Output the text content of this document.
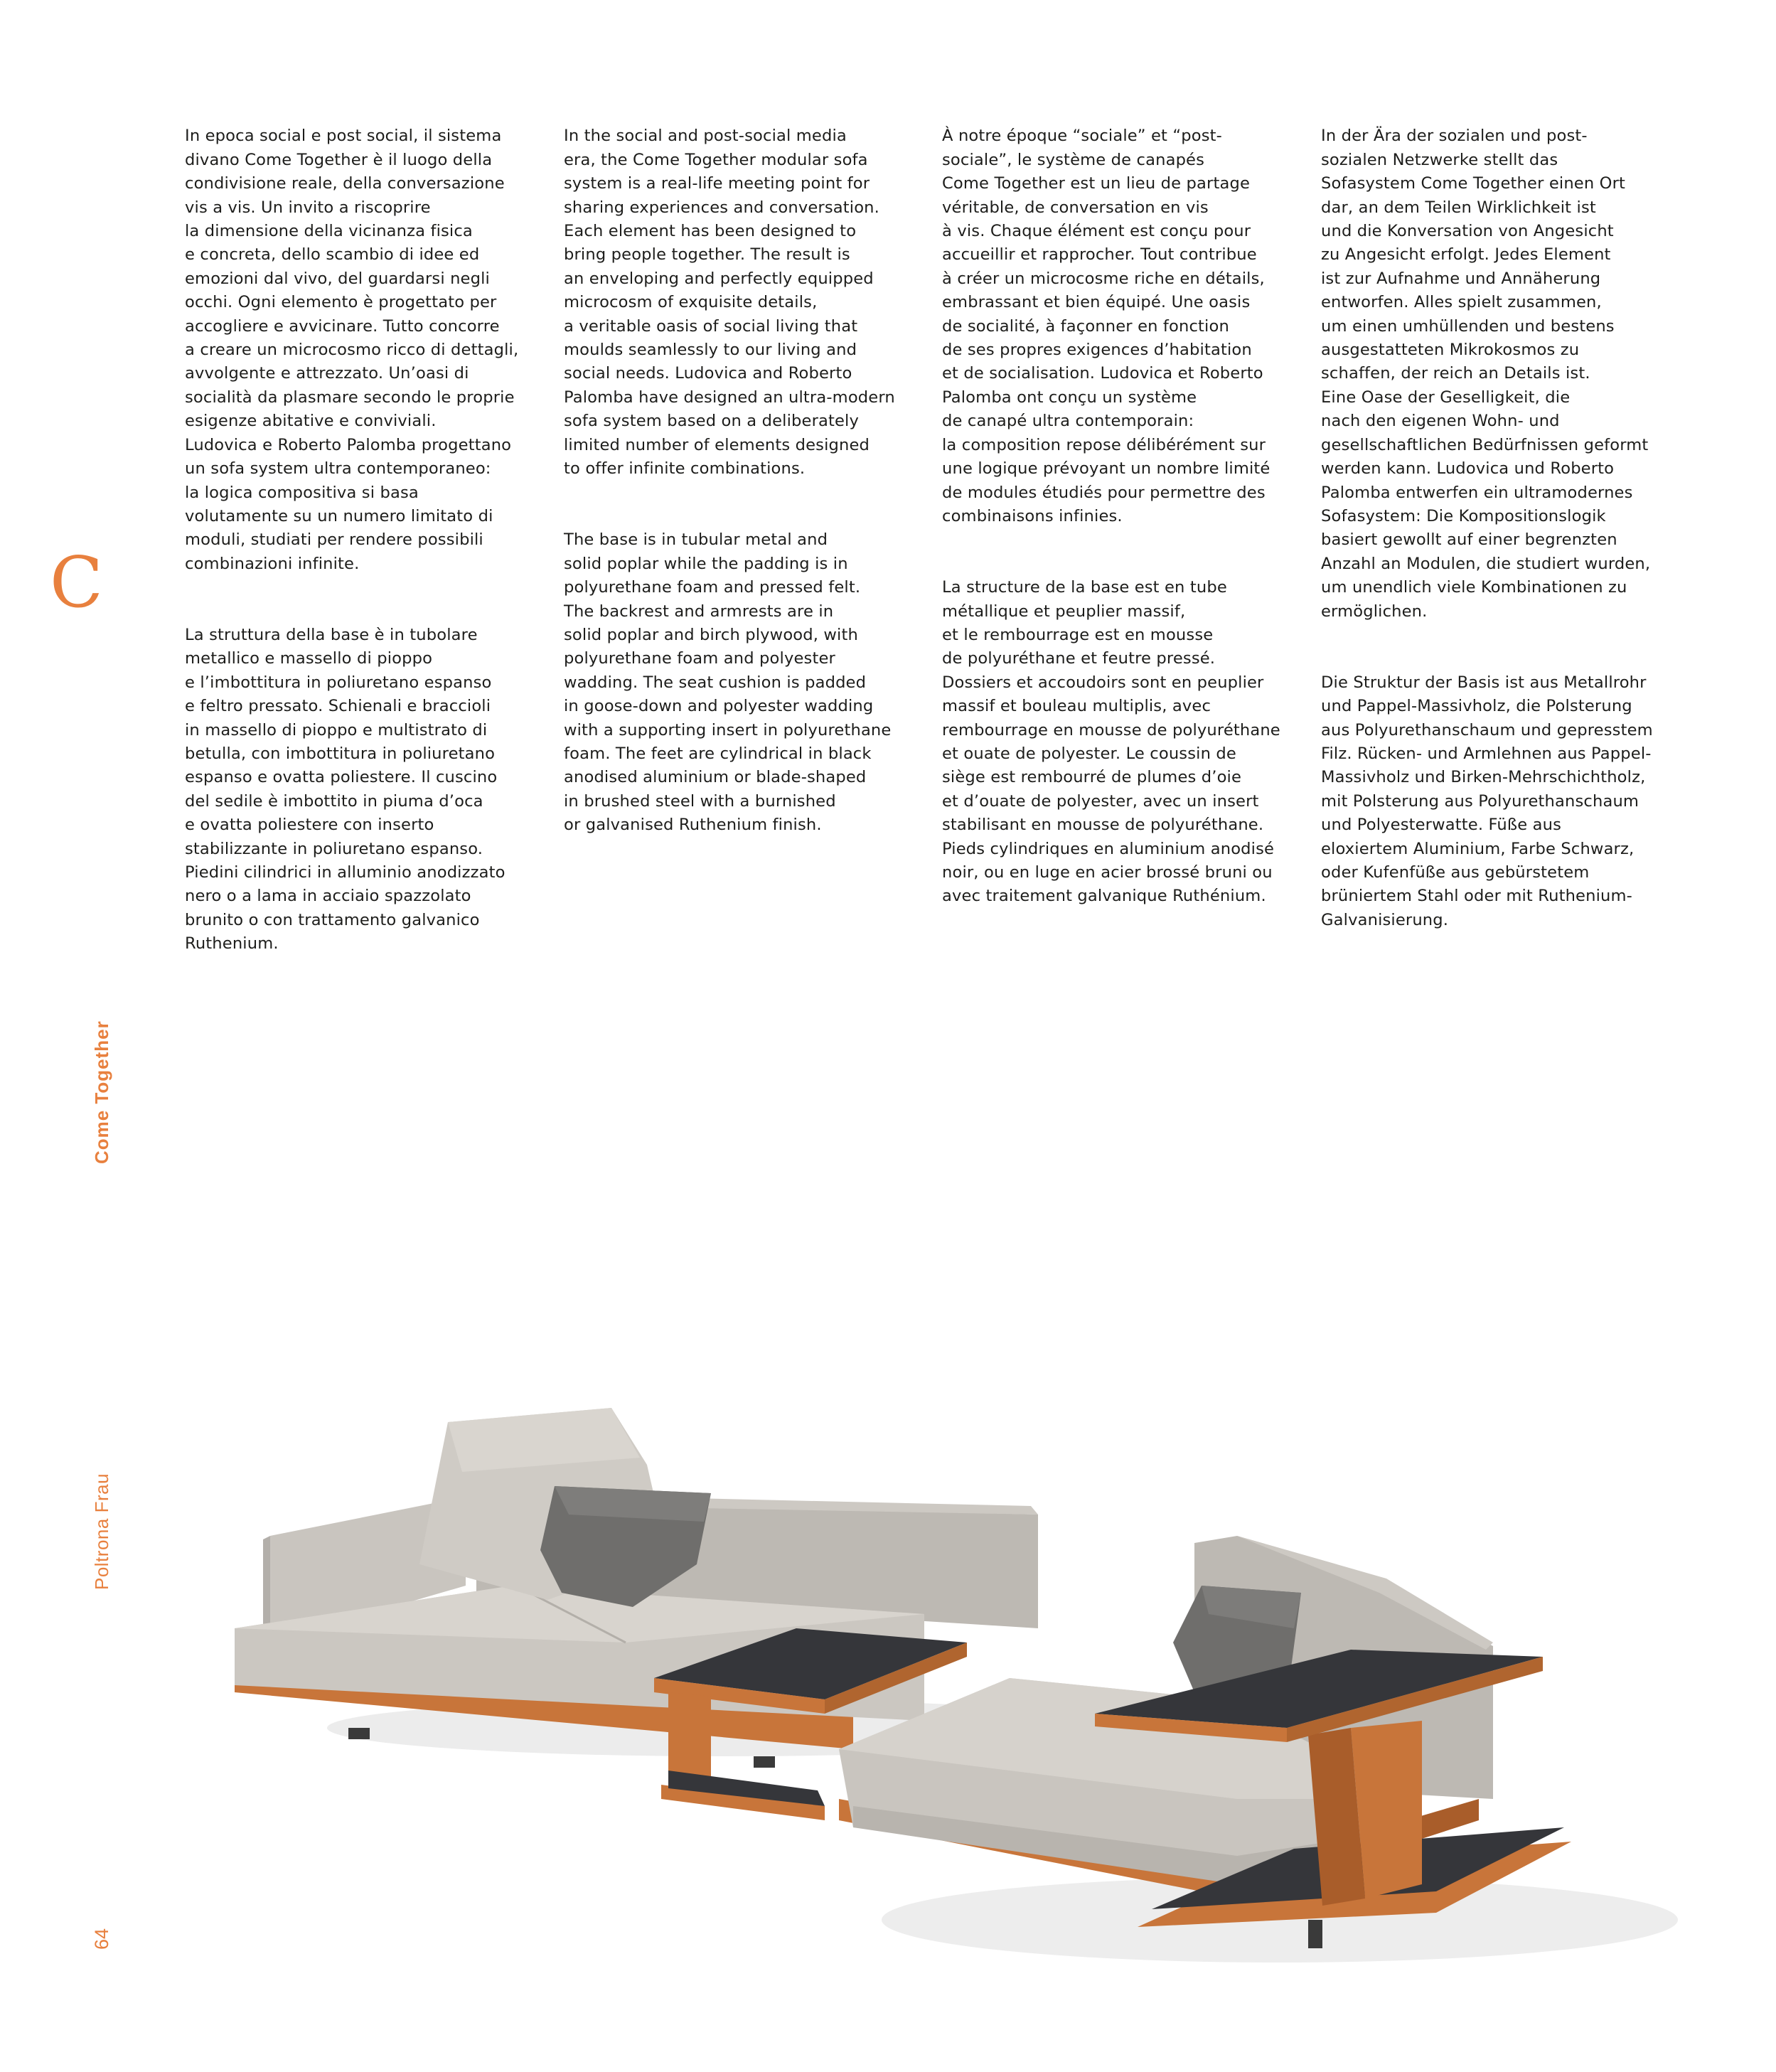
C
Come Together
Poltrona Frau
64

In epoca social e post social, il sistema
divano Come Together è il luogo della
condivisione reale, della conversazione
vis a vis. Un invito a riscoprire
la dimensione della vicinanza fisica
e concreta, dello scambio di idee ed
emozioni dal vivo, del guardarsi negli
occhi. Ogni elemento è progettato per
accogliere e avvicinare. Tutto concorre
a creare un microcosmo ricco di dettagli,
avvolgente e attrezzato. Un’oasi di
socialità da plasmare secondo le proprie
esigenze abitative e conviviali.
Ludovica e Roberto Palomba progettano
un sofa system ultra contemporaneo:
la logica compositiva si basa
volutamente su un numero limitato di
moduli, studiati per rendere possibili
combinazioni infinite.

La struttura della base è in tubolare
metallico e massello di pioppo
e l’imbottitura in poliuretano espanso
e feltro pressato. Schienali e braccioli
in massello di pioppo e multistrato di
betulla, con imbottitura in poliuretano
espanso e ovatta poliestere. Il cuscino
del sedile è imbottito in piuma d’oca
e ovatta poliestere con inserto
stabilizzante in poliuretano espanso.
Piedini cilindrici in alluminio anodizzato
nero o a lama in acciaio spazzolato
brunito o con trattamento galvanico
Ruthenium.

In the social and post-social media
era, the Come Together modular sofa
system is a real-life meeting point for
sharing experiences and conversation.
Each element has been designed to
bring people together. The result is
an enveloping and perfectly equipped
microcosm of exquisite details,
a veritable oasis of social living that
moulds seamlessly to our living and
social needs. Ludovica and Roberto
Palomba have designed an ultra-modern
sofa system based on a deliberately
limited number of elements designed
to offer infinite combinations.

The base is in tubular metal and
solid poplar while the padding is in
polyurethane foam and pressed felt.
The backrest and armrests are in
solid poplar and birch plywood, with
polyurethane foam and polyester
wadding. The seat cushion is padded
in goose-down and polyester wadding
with a supporting insert in polyurethane
foam. The feet are cylindrical in black
anodised aluminium or blade-shaped
in brushed steel with a burnished
or galvanised Ruthenium finish.

À notre époque “sociale” et “post-
sociale”, le système de canapés
Come Together est un lieu de partage
véritable, de conversation en vis
à vis. Chaque élément est conçu pour
accueillir et rapprocher. Tout contribue
à créer un microcosme riche en détails,
embrassant et bien équipé. Une oasis
de socialité, à façonner en fonction
de ses propres exigences d’habitation
et de socialisation. Ludovica et Roberto
Palomba ont conçu un système
de canapé ultra contemporain:
la composition repose délibérément sur
une logique prévoyant un nombre limité
de modules étudiés pour permettre des
combinaisons infinies.

La structure de la base est en tube
métallique et peuplier massif,
et le rembourrage est en mousse
de polyuréthane et feutre pressé.
Dossiers et accoudoirs sont en peuplier
massif et bouleau multiplis, avec
rembourrage en mousse de polyuréthane
et ouate de polyester. Le coussin de
siège est rembourré de plumes d’oie
et d’ouate de polyester, avec un insert
stabilisant en mousse de polyuréthane.
Pieds cylindriques en aluminium anodisé
noir, ou en luge en acier brossé bruni ou
avec traitement galvanique Ruthénium.

In der Ära der sozialen und post-
sozialen Netzwerke stellt das
Sofasystem Come Together einen Ort
dar, an dem Teilen Wirklichkeit ist
und die Konversation von Angesicht
zu Angesicht erfolgt. Jedes Element
ist zur Aufnahme und Annäherung
entworfen. Alles spielt zusammen,
um einen umhüllenden und bestens
ausgestatteten Mikrokosmos zu
schaffen, der reich an Details ist.
Eine Oase der Geselligkeit, die
nach den eigenen Wohn- und
gesellschaftlichen Bedürfnissen geformt
werden kann. Ludovica und Roberto
Palomba entwerfen ein ultramodernes
Sofasystem: Die Kompositionslogik
basiert gewollt auf einer begrenzten
Anzahl an Modulen, die studiert wurden,
um unendlich viele Kombinationen zu
ermöglichen.

Die Struktur der Basis ist aus Metallrohr
und Pappel-Massivholz, die Polsterung
aus Polyurethanschaum und gepresstem
Filz. Rücken- und Armlehnen aus Pappel-
Massivholz und Birken-Mehrschichtholz,
mit Polsterung aus Polyurethanschaum
und Polyesterwatte. Füße aus
eloxiertem Aluminium, Farbe Schwarz,
oder Kufenfüße aus gebürstetem
brüniertem Stahl oder mit Ruthenium-
Galvanisierung.
